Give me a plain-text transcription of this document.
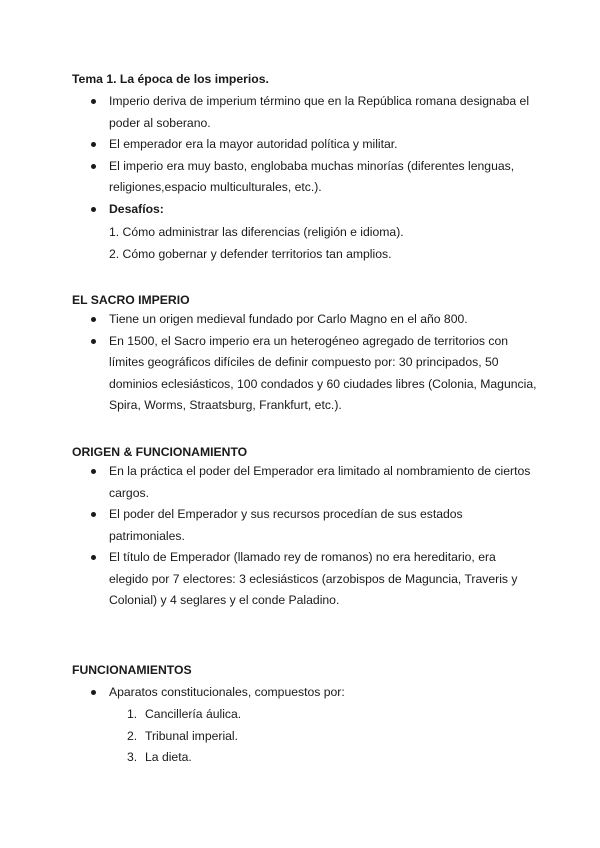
Tema 1. La época de los imperios.
Imperio deriva de imperium término que en la República romana designaba el poder al soberano.
El emperador era la mayor autoridad política y militar.
El imperio era muy basto, englobaba muchas minorías (diferentes lenguas, religiones,espacio multiculturales, etc.).
Desafíos:
1. Cómo administrar las diferencias (religión e idioma).
2. Cómo gobernar y defender territorios tan amplios.
EL SACRO IMPERIO
Tiene un origen medieval fundado por Carlo Magno en el año 800.
En 1500, el Sacro imperio era un heterogéneo agregado de territorios con límites geográficos difíciles de definir compuesto por: 30 principados, 50 dominios eclesiásticos, 100 condados y 60 ciudades libres (Colonia, Maguncia, Spira, Worms, Straatsburg, Frankfurt, etc.).
ORIGEN & FUNCIONAMIENTO
En la práctica el poder del Emperador era limitado al nombramiento de ciertos cargos.
El poder del Emperador y sus recursos procedían de sus estados patrimoniales.
El título de Emperador (llamado rey de romanos) no era hereditario, era elegido por 7 electores: 3 eclesiásticos (arzobispos de Maguncia, Traveris y Colonial) y 4 seglares y el conde Paladino.
FUNCIONAMIENTOS
Aparatos constitucionales, compuestos por:
1. Cancillería áulica.
2. Tribunal imperial.
3. La dieta.
